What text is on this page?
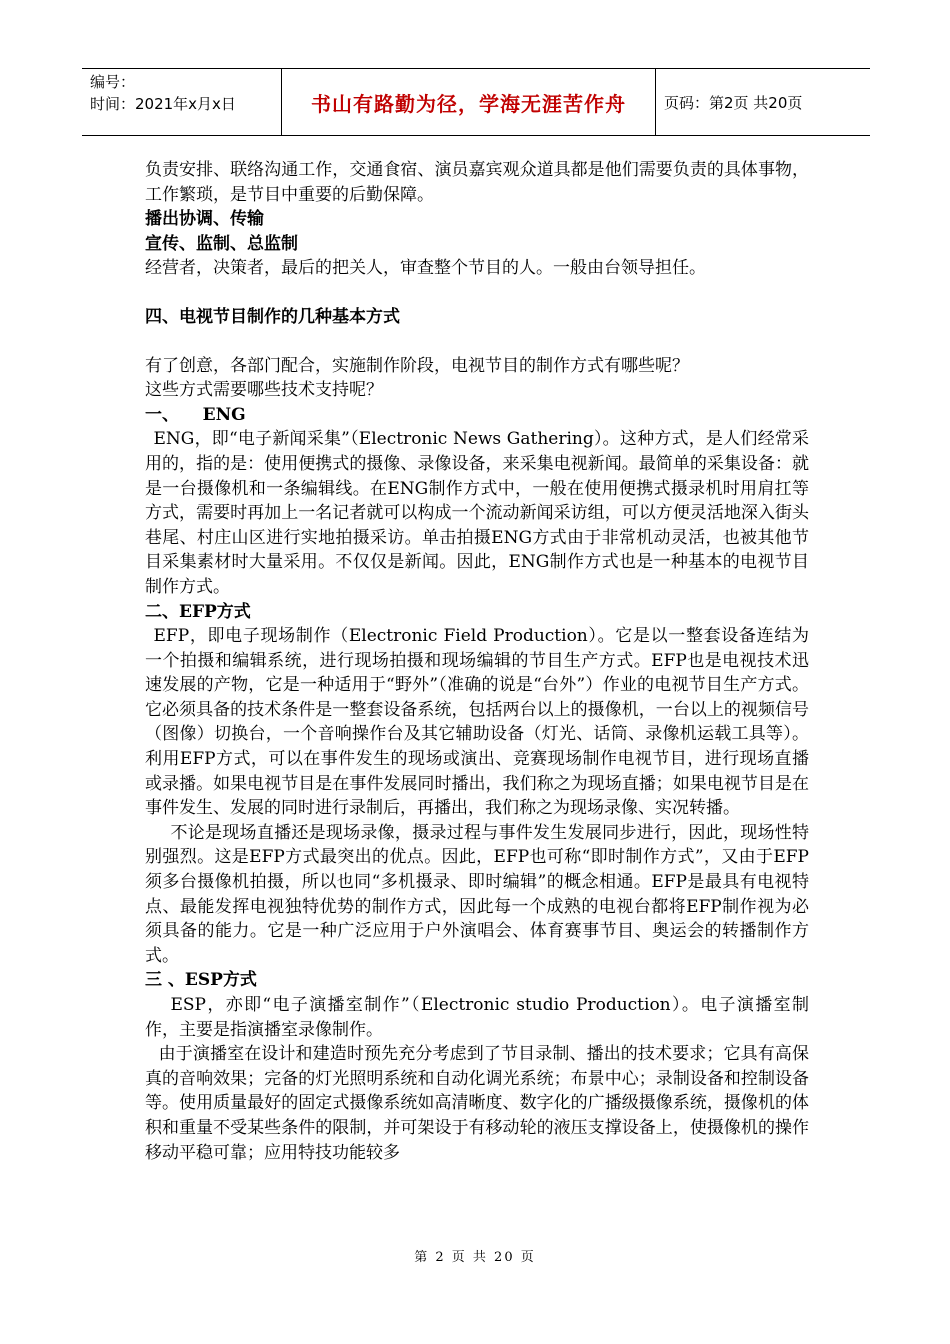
编号：
时间：2021年x月x日	书山有路勤为径，学海无涯苦作舟	页码：第2页 共20页

负责安排、联络沟通工作，交通食宿、演员嘉宾观众道具都是他们需要负责的具体事物，工作繁琐，是节目中重要的后勤保障。

播出协调、传输

宣传、监制、总监制

经营者，决策者，最后的把关人，审查整个节目的人。一般由台领导担任。

四、电视节目制作的几种基本方式

有了创意，各部门配合，实施制作阶段，电视节目的制作方式有哪些呢？

这些方式需要哪些技术支持呢？

一、    ENG

ENG，即“电子新闻采集”（Electronic News Gathering）。这种方式，是人们经常采用的，指的是：使用便携式的摄像、录像设备，来采集电视新闻。最简单的采集设备：就是一台摄像机和一条编辑线。在ENG制作方式中，一般在使用便携式摄录机时用肩扛等方式，需要时再加上一名记者就可以构成一个流动新闻采访组，可以方便灵活地深入街头巷尾、村庄山区进行实地拍摄采访。单击拍摄ENG方式由于非常机动灵活，也被其他节目采集素材时大量采用。不仅仅是新闻。因此，ENG制作方式也是一种基本的电视节目制作方式。

二、EFP方式

EFP，即电子现场制作（Electronic Field Production）。它是以一整套设备连结为一个拍摄和编辑系统，进行现场拍摄和现场编辑的节目生产方式。EFP也是电视技术迅速发展的产物，它是一种适用于“野外”（准确的说是“台外”）作业的电视节目生产方式。它必须具备的技术条件是一整套设备系统，包括两台以上的摄像机，一台以上的视频信号（图像）切换台，一个音响操作台及其它辅助设备（灯光、话筒、录像机运载工具等）。 利用EFP方式，可以在事件发生的现场或演出、竞赛现场制作电视节目，进行现场直播或录播。如果电视节目是在事件发展同时播出，我们称之为现场直播；如果电视节目是在事件发生、发展的同时进行录制后，再播出，我们称之为现场录像、实况转播。

不论是现场直播还是现场录像，摄录过程与事件发生发展同步进行，因此，现场性特别强烈。这是EFP方式最突出的优点。因此，EFP也可称“即时制作方式”，又由于EFP须多台摄像机拍摄，所以也同“多机摄录、即时编辑”的概念相通。EFP是最具有电视特点、最能发挥电视独特优势的制作方式，因此每一个成熟的电视台都将EFP制作视为必须具备的能力。它是一种广泛应用于户外演唱会、体育赛事节目、奥运会的转播制作方式。

三 、ESP方式

ESP，亦即“电子演播室制作”（Electronic studio Production）。电子演播室制作，主要是指演播室录像制作。

由于演播室在设计和建造时预先充分考虑到了节目录制、播出的技术要求；它具有高保真的音响效果；完备的灯光照明系统和自动化调光系统；布景中心；录制设备和控制设备等。使用质量最好的固定式摄像系统如高清晰度、数字化的广播级摄像系统，摄像机的体积和重量不受某些条件的限制，并可架设于有移动轮的液压支撑设备上，使摄像机的操作移动平稳可靠；应用特技功能较多

第 2 页 共 20 页
